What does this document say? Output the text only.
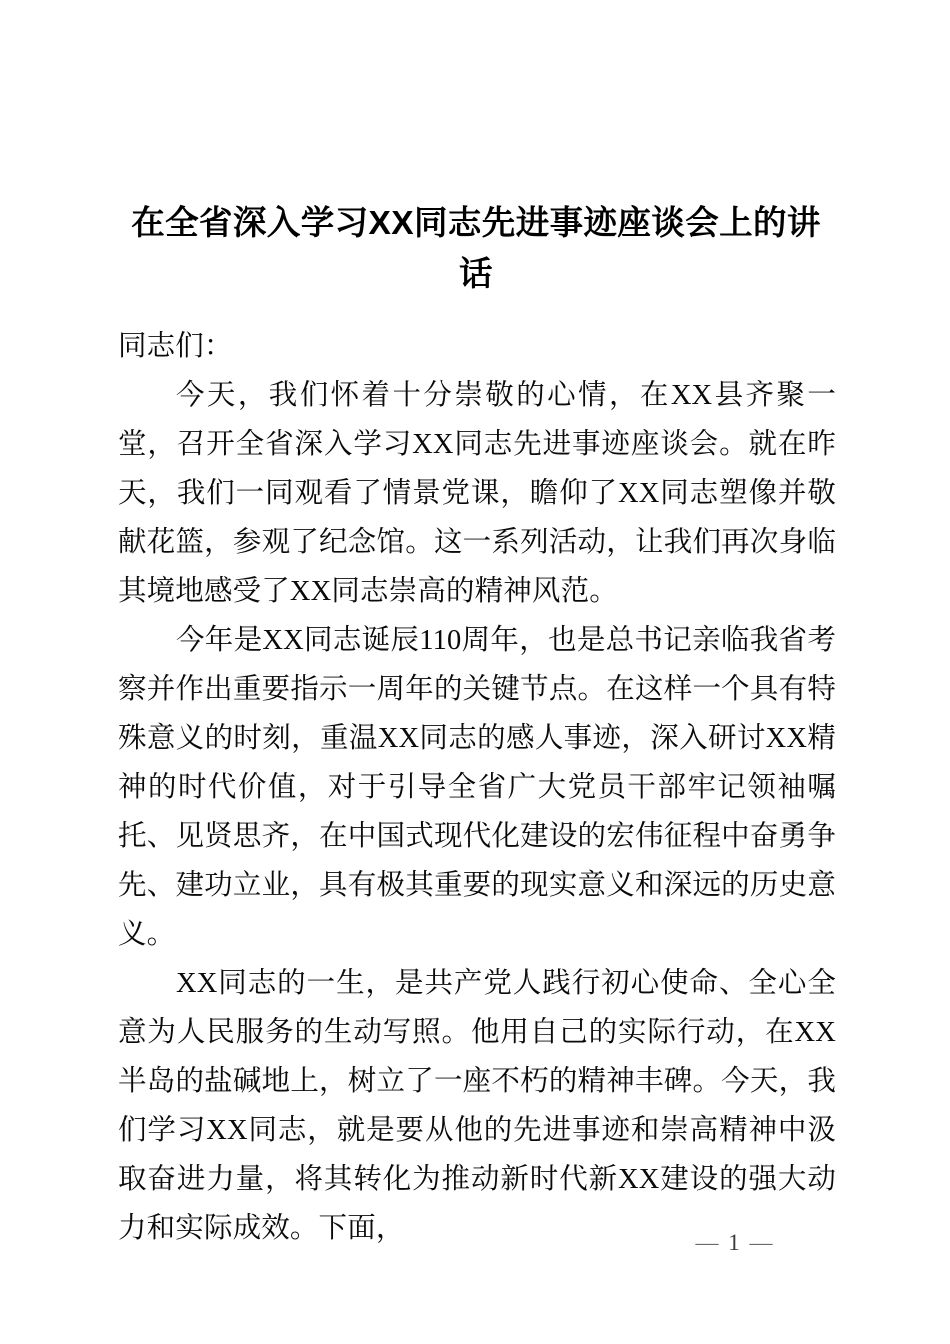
在全省深入学习XX同志先进事迹座谈会上的讲话

同志们：

今天，我们怀着十分崇敬的心情，在XX县齐聚一堂，召开全省深入学习XX同志先进事迹座谈会。就在昨天，我们一同观看了情景党课，瞻仰了XX同志塑像并敬献花篮，参观了纪念馆。这一系列活动，让我们再次身临其境地感受了XX同志崇高的精神风范。

今年是XX同志诞辰110周年，也是总书记亲临我省考察并作出重要指示一周年的关键节点。在这样一个具有特殊意义的时刻，重温XX同志的感人事迹，深入研讨XX精神的时代价值，对于引导全省广大党员干部牢记领袖嘱托、见贤思齐，在中国式现代化建设的宏伟征程中奋勇争先、建功立业，具有极其重要的现实意义和深远的历史意义。

XX同志的一生，是共产党人践行初心使命、全心全意为人民服务的生动写照。他用自己的实际行动，在XX半岛的盐碱地上，树立了一座不朽的精神丰碑。今天，我们学习XX同志，就是要从他的先进事迹和崇高精神中汲取奋进力量，将其转化为推动新时代新XX建设的强大动力和实际成效。下面，	— 1 —
